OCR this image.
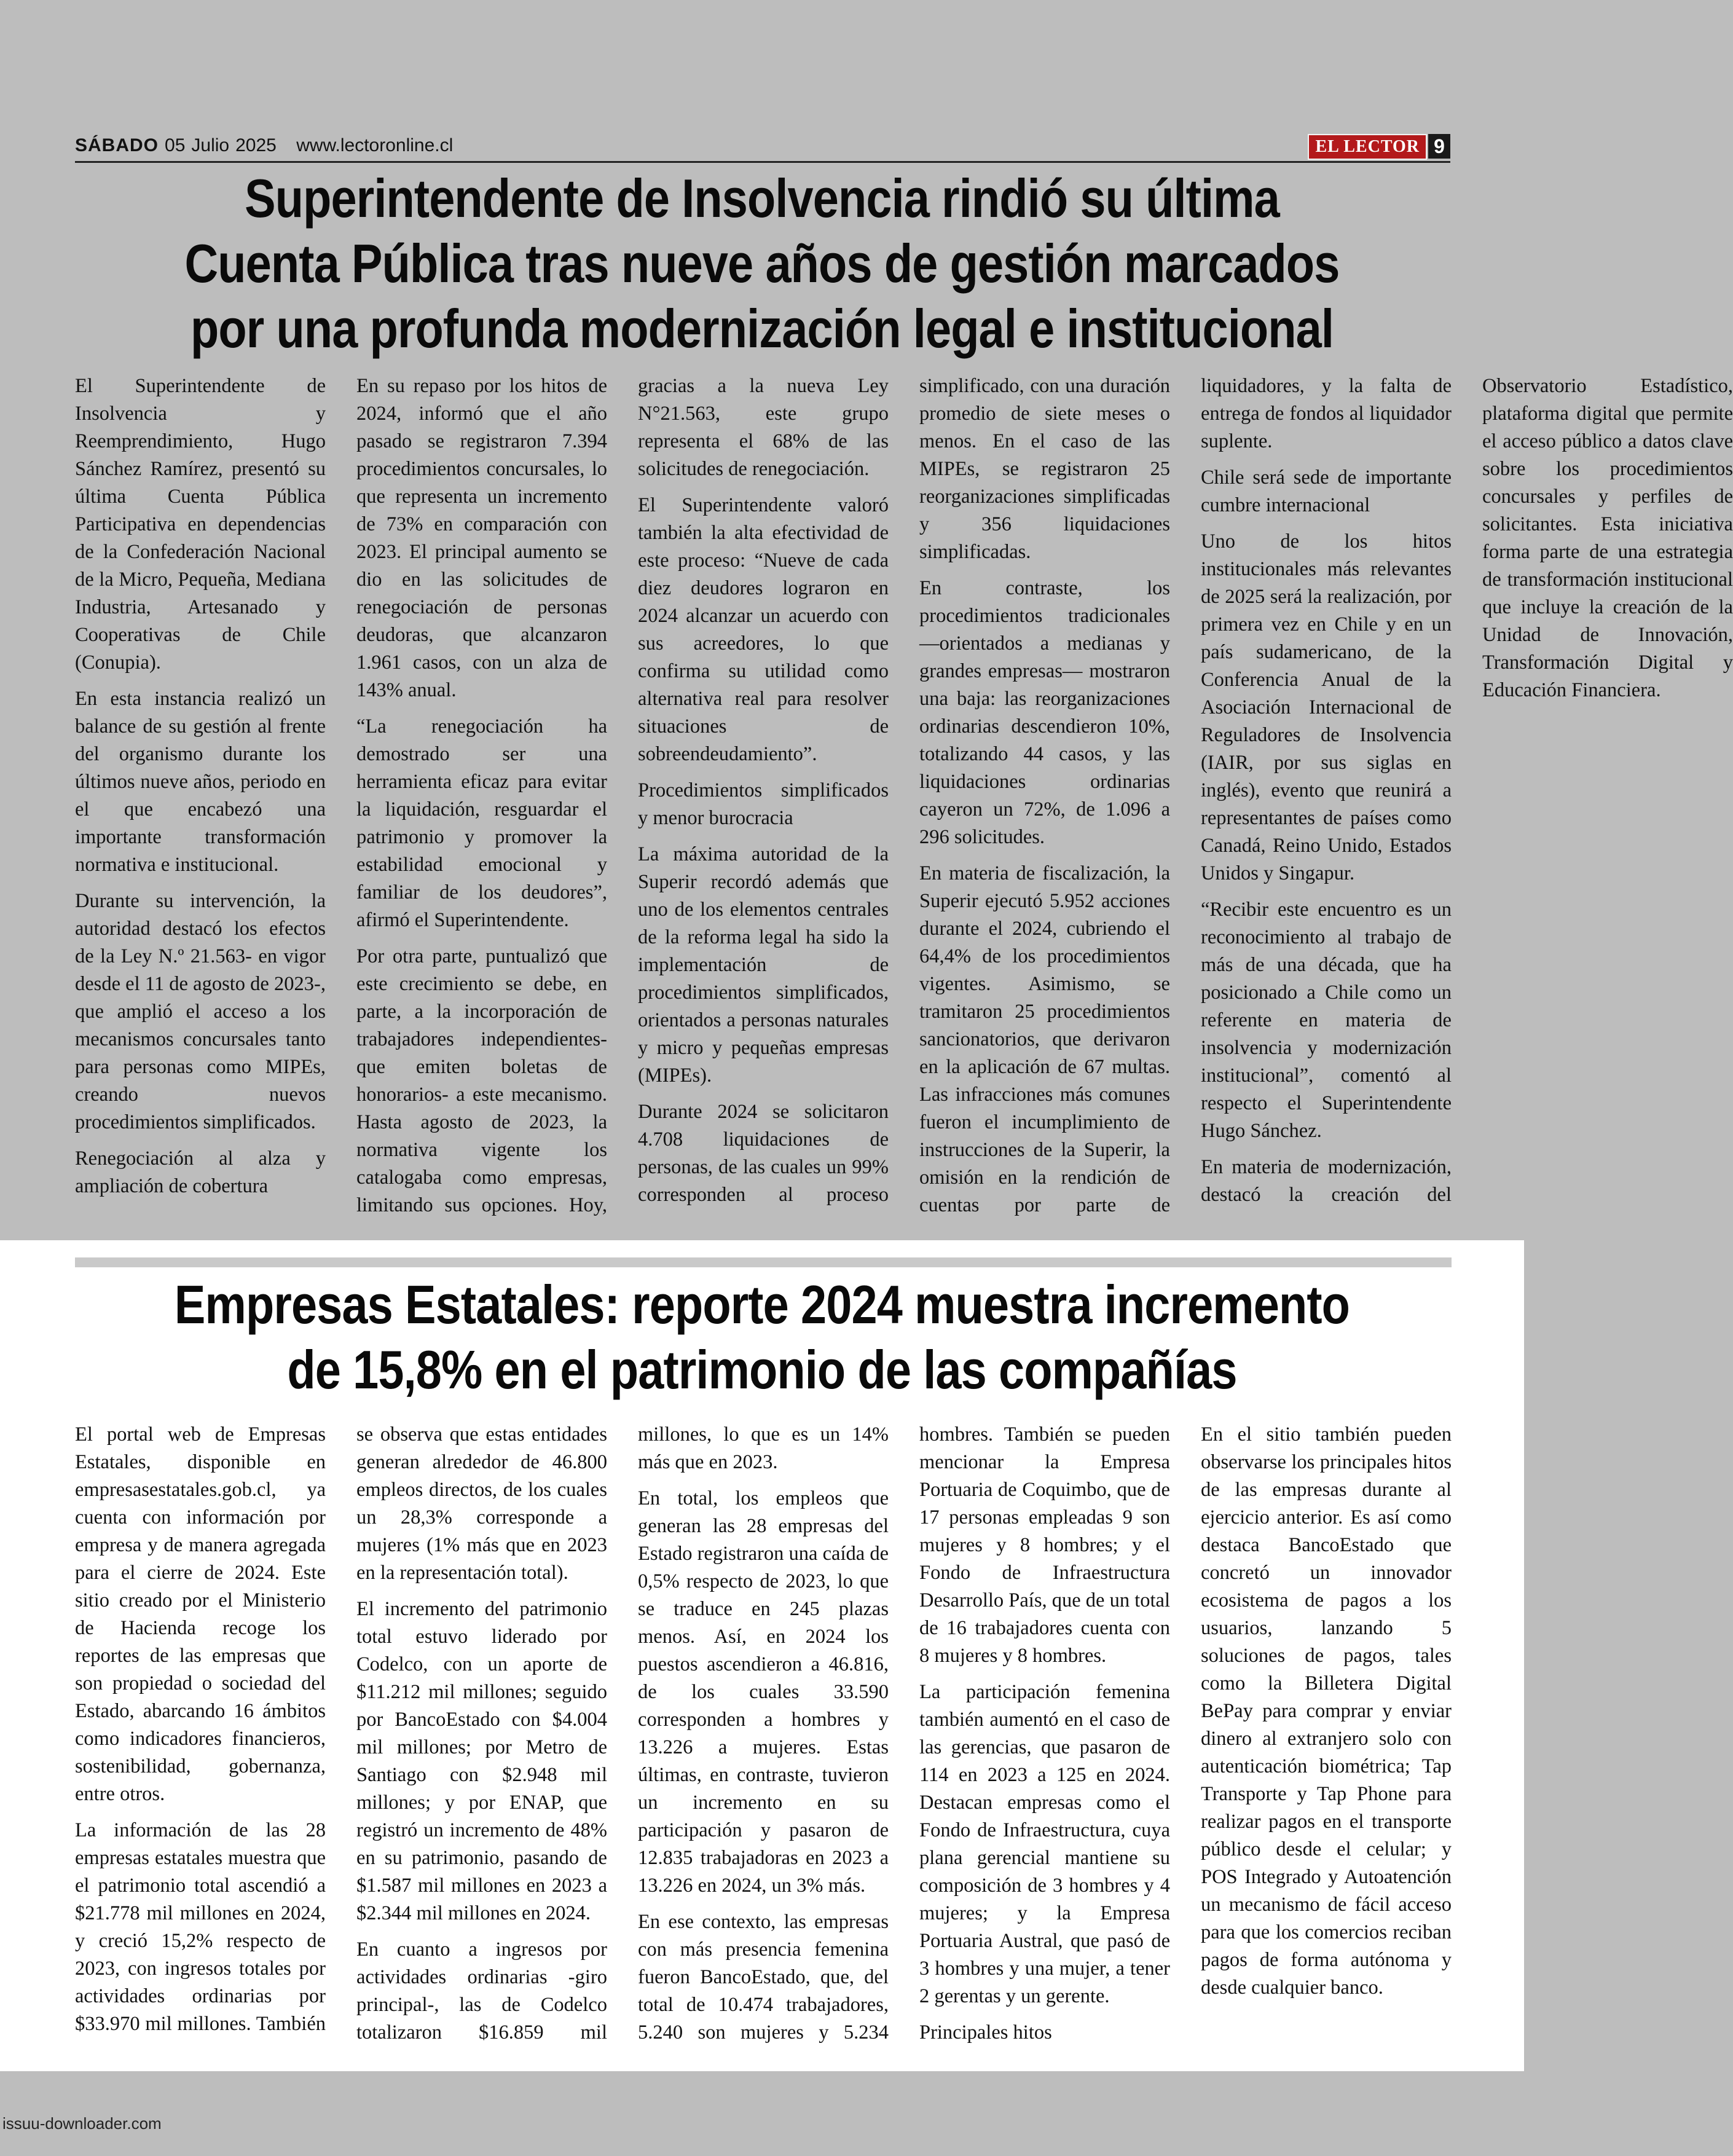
SÁBADO 05 Julio 2025 www.lectoronline.cl	EL LECTOR 9
Superintendente de Insolvencia rindió su última Cuenta Pública tras nueve años de gestión marcados por una profunda modernización legal e institucional

El Superintendente de Insolvencia y Reemprendimiento, Hugo Sánchez Ramírez, presentó su última Cuenta Pública Participativa en dependencias de la Confederación Nacional de la Micro, Pequeña, Mediana Industria, Artesanado y Cooperativas de Chile (Conupia).

En esta instancia realizó un balance de su gestión al frente del organismo durante los últimos nueve años, periodo en el que encabezó una importante transformación normativa e institucional.

Durante su intervención, la autoridad destacó los efectos de la Ley N.º 21.563- en vigor desde el 11 de agosto de 2023-, que amplió el acceso a los mecanismos concursales tanto para personas como MIPEs, creando nuevos procedimientos simplificados.

Renegociación al alza y ampliación de cobertura

En su repaso por los hitos de 2024, informó que el año pasado se registraron 7.394 procedimientos concursales, lo que representa un incremento de 73% en comparación con 2023. El principal aumento se dio en las solicitudes de renegociación de personas deudoras, que alcanzaron 1.961 casos, con un alza de 143% anual.

“La renegociación ha demostrado ser una herramienta eficaz para evitar la liquidación, resguardar el patrimonio y promover la estabilidad emocional y familiar de los deudores”, afirmó el Superintendente.

Por otra parte, puntualizó que este crecimiento se debe, en parte, a la incorporación de trabajadores independientes- que emiten boletas de honorarios- a este mecanismo. Hasta agosto de 2023, la normativa vigente los catalogaba como empresas, limitando sus opciones. Hoy, gracias a la nueva Ley N°21.563, este grupo representa el 68% de las solicitudes de renegociación.

El Superintendente valoró también la alta efectividad de este proceso: “Nueve de cada diez deudores lograron en 2024 alcanzar un acuerdo con sus acreedores, lo que confirma su utilidad como alternativa real para resolver situaciones de sobreendeudamiento”.

Procedimientos simplificados y menor burocracia

La máxima autoridad de la Superir recordó además que uno de los elementos centrales de la reforma legal ha sido la implementación de procedimientos simplificados, orientados a personas naturales y micro y pequeñas empresas (MIPEs).

Durante 2024 se solicitaron 4.708 liquidaciones de personas, de las cuales un 99% corresponden al proceso simplificado, con una duración promedio de siete meses o menos. En el caso de las MIPEs, se registraron 25 reorganizaciones simplificadas y 356 liquidaciones simplificadas.

En contraste, los procedimientos tradicionales —orientados a medianas y grandes empresas— mostraron una baja: las reorganizaciones ordinarias descendieron 10%, totalizando 44 casos, y las liquidaciones ordinarias cayeron un 72%, de 1.096 a 296 solicitudes.

En materia de fiscalización, la Superir ejecutó 5.952 acciones durante el 2024, cubriendo el 64,4% de los procedimientos vigentes. Asimismo, se tramitaron 25 procedimientos sancionatorios, que derivaron en la aplicación de 67 multas. Las infracciones más comunes fueron el incumplimiento de instrucciones de la Superir, la omisión en la rendición de cuentas por parte de liquidadores, y la falta de entrega de fondos al liquidador suplente.

Chile será sede de importante cumbre internacional

Uno de los hitos institucionales más relevantes de 2025 será la realización, por primera vez en Chile y en un país sudamericano, de la Conferencia Anual de la Asociación Internacional de Reguladores de Insolvencia (IAIR, por sus siglas en inglés), evento que reunirá a representantes de países como Canadá, Reino Unido, Estados Unidos y Singapur.

“Recibir este encuentro es un reconocimiento al trabajo de más de una década, que ha posicionado a Chile como un referente en materia de insolvencia y modernización institucional”, comentó al respecto el Superintendente Hugo Sánchez.

En materia de modernización, destacó la creación del Observatorio Estadístico, plataforma digital que permite el acceso público a datos clave sobre los procedimientos concursales y perfiles de solicitantes. Esta iniciativa forma parte de una estrategia de transformación institucional que incluye la creación de la Unidad de Innovación, Transformación Digital y Educación Financiera.

Empresas Estatales: reporte 2024 muestra incremento de 15,8% en el patrimonio de las compañías

El portal web de Empresas Estatales, disponible en empresasestatales.gob.cl, ya cuenta con información por empresa y de manera agregada para el cierre de 2024. Este sitio creado por el Ministerio de Hacienda recoge los reportes de las empresas que son propiedad o sociedad del Estado, abarcando 16 ámbitos como indicadores financieros, sostenibilidad, gobernanza, entre otros.

La información de las 28 empresas estatales muestra que el patrimonio total ascendió a $21.778 mil millones en 2024, y creció 15,2% respecto de 2023, con ingresos totales por actividades ordinarias por $33.970 mil millones. También se observa que estas entidades generan alrededor de 46.800 empleos directos, de los cuales un 28,3% corresponde a mujeres (1% más que en 2023 en la representación total).

El incremento del patrimonio total estuvo liderado por Codelco, con un aporte de $11.212 mil millones; seguido por BancoEstado con $4.004 mil millones; por Metro de Santiago con $2.948 mil millones; y por ENAP, que registró un incremento de 48% en su patrimonio, pasando de $1.587 mil millones en 2023 a $2.344 mil millones en 2024.

En cuanto a ingresos por actividades ordinarias -giro principal-, las de Codelco totalizaron $16.859 mil millones, lo que es un 14% más que en 2023.

En total, los empleos que generan las 28 empresas del Estado registraron una caída de 0,5% respecto de 2023, lo que se traduce en 245 plazas menos. Así, en 2024 los puestos ascendieron a 46.816, de los cuales 33.590 corresponden a hombres y 13.226 a mujeres. Estas últimas, en contraste, tuvieron un incremento en su participación y pasaron de 12.835 trabajadoras en 2023 a 13.226 en 2024, un 3% más.

En ese contexto, las empresas con más presencia femenina fueron BancoEstado, que, del total de 10.474 trabajadores, 5.240 son mujeres y 5.234 hombres. También se pueden mencionar la Empresa Portuaria de Coquimbo, que de 17 personas empleadas 9 son mujeres y 8 hombres; y el Fondo de Infraestructura Desarrollo País, que de un total de 16 trabajadores cuenta con 8 mujeres y 8 hombres.

La participación femenina también aumentó en el caso de las gerencias, que pasaron de 114 en 2023 a 125 en 2024. Destacan empresas como el Fondo de Infraestructura, cuya plana gerencial mantiene su composición de 3 hombres y 4 mujeres; y la Empresa Portuaria Austral, que pasó de 3 hombres y una mujer, a tener 2 gerentas y un gerente.

Principales hitos

En el sitio también pueden observarse los principales hitos de las empresas durante al ejercicio anterior. Es así como destaca BancoEstado que concretó un innovador ecosistema de pagos a los usuarios, lanzando 5 soluciones de pagos, tales como la Billetera Digital BePay para comprar y enviar dinero al extranjero solo con autenticación biométrica; Tap Transporte y Tap Phone para realizar pagos en el transporte público desde el celular; y POS Integrado y Autoatención un mecanismo de fácil acceso para que los comercios reciban pagos de forma autónoma y desde cualquier banco.

issuu-downloader.com
